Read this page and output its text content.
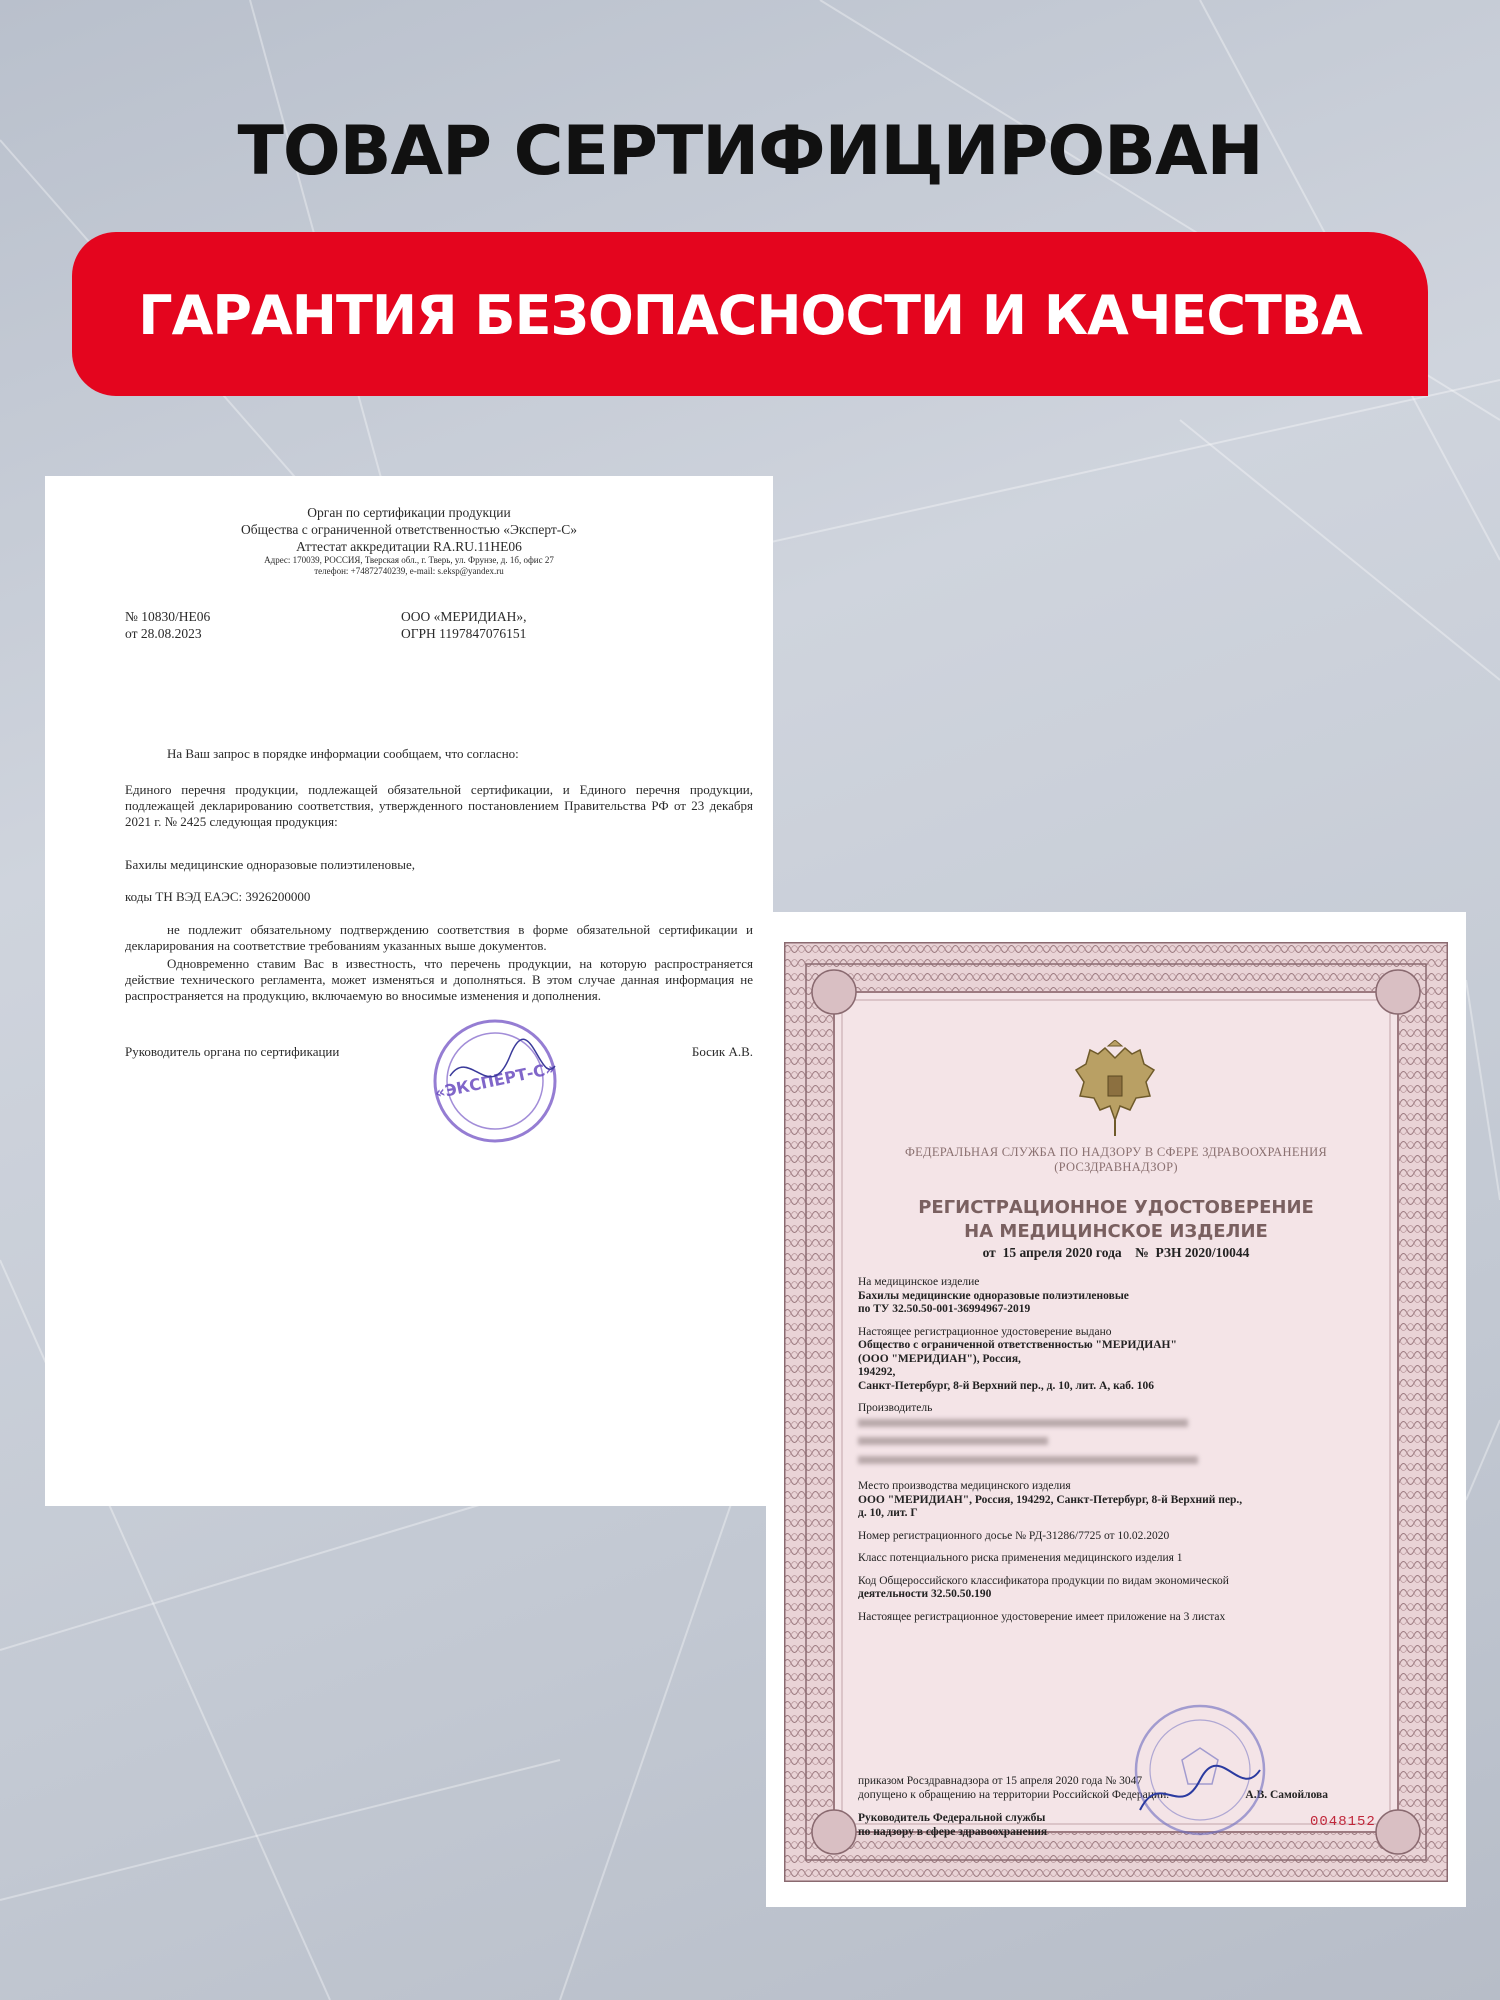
ТОВАР СЕРТИФИЦИРОВАН
ГАРАНТИЯ БЕЗОПАСНОСТИ И КАЧЕСТВА
Орган по сертификации продукции
Общества с ограниченной ответственностью «Эксперт-С»
Аттестат аккредитации RA.RU.11НЕ06
Адрес: 170039, РОССИЯ, Тверская обл., г. Тверь, ул. Фрунзе, д. 1б, офис 27
телефон: +74872740239, e-mail: s.eksp@yandex.ru
№ 10830/НЕ06
от 28.08.2023
ООО «МЕРИДИАН»,
ОГРН 1197847076151
На Ваш запрос в порядке информации сообщаем, что согласно:
Единого перечня продукции, подлежащей обязательной сертификации, и Единого перечня продукции, подлежащей декларированию соответствия, утвержденного постановлением Правительства РФ от 23 декабря 2021 г. № 2425 следующая продукция:
Бахилы медицинские одноразовые полиэтиленовые,
коды ТН ВЭД ЕАЭС: 3926200000
не подлежит обязательному подтверждению соответствия в форме обязательной сертификации и декларирования на соответствие требованиям указанных выше документов.
Одновременно ставим Вас в известность, что перечень продукции, на которую распространяется действие технического регламента, может изменяться и дополняться. В этом случае данная информация не распространяется на продукцию, включаемую во вносимые изменения и дополнения.
Руководитель органа по сертификации	Босик А.В.
«ЭКСПЕРТ-С»
ФЕДЕРАЛЬНАЯ СЛУЖБА ПО НАДЗОРУ В СФЕРЕ ЗДРАВООХРАНЕНИЯ
(РОСЗДРАВНАДЗОР)
РЕГИСТРАЦИОННОЕ УДОСТОВЕРЕНИЕ
НА МЕДИЦИНСКОЕ ИЗДЕЛИЕ
от  15 апреля 2020 года    №  РЗН 2020/10044
На медицинское изделие
Бахилы медицинские одноразовые полиэтиленовые
по ТУ 32.50.50-001-36994967-2019
Настоящее регистрационное удостоверение выдано
Общество с ограниченной ответственностью "МЕРИДИАН"
(ООО "МЕРИДИАН"), Россия,
194292,
Санкт-Петербург, 8-й Верхний пер., д. 10, лит. А, каб. 106
Производитель

Место производства медицинского изделия
ООО "МЕРИДИАН", Россия, 194292, Санкт-Петербург, 8-й Верхний пер.,
д. 10, лит. Г
Номер регистрационного досье № РД-31286/7725 от 10.02.2020
Класс потенциального риска применения медицинского изделия 1
Код Общероссийского классификатора продукции по видам экономической
деятельности 32.50.50.190
Настоящее регистрационное удостоверение имеет приложение на 3 листах
приказом Росздравнадзора от 15 апреля 2020 года № 3047
допущено к обращению на территории Российской Федерации.
Руководитель Федеральной службы
по надзору в сфере здравоохранения
А.В. Самойлова
0048152
